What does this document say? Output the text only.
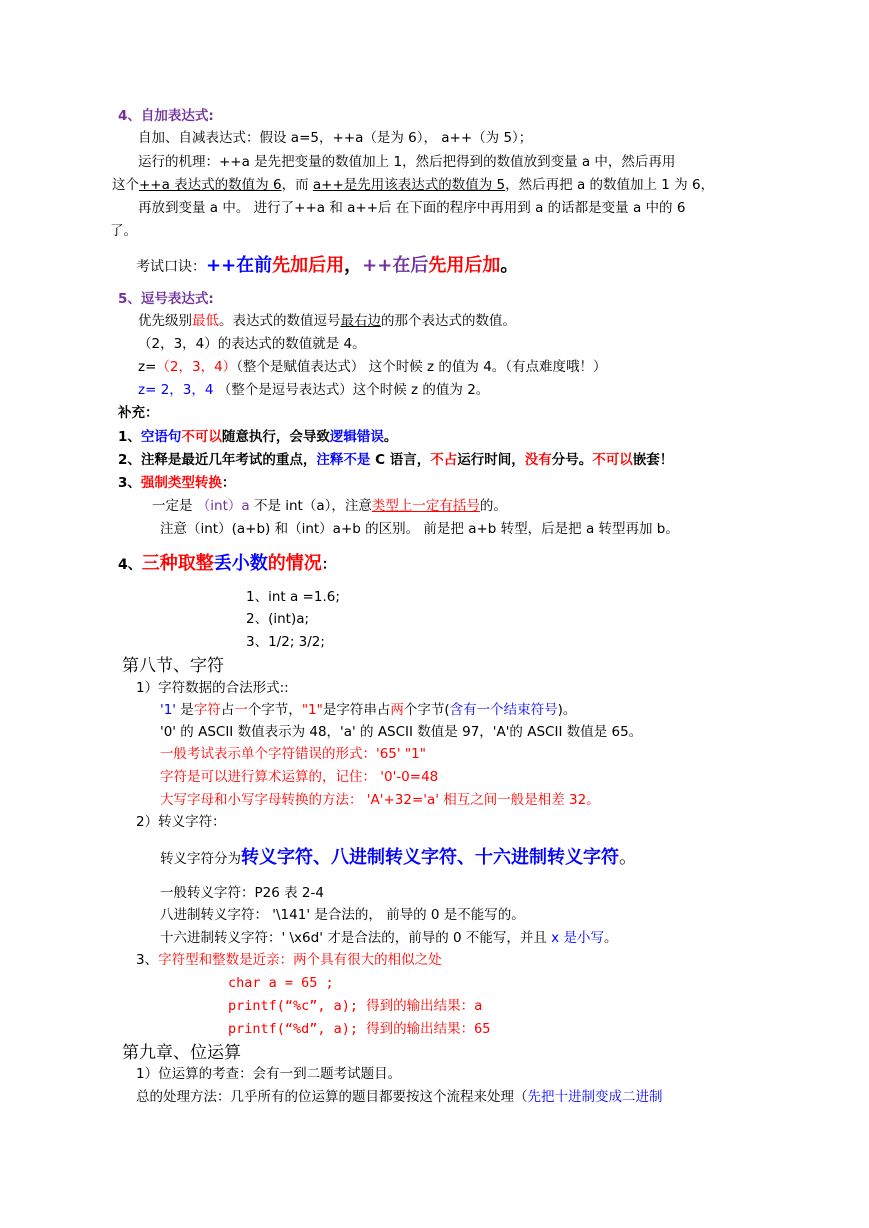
4、自加表达式:
自加、自减表达式：假设 a=5，++a（是为 6）， a++（为 5）；
运行的机理：++a 是先把变量的数值加上 1，然后把得到的数值放到变量 a 中，然后再用
这个++a 表达式的数值为 6，而 a++是先用该表达式的数值为 5，然后再把 a 的数值加上 1 为 6，
再放到变量 a 中。 进行了++a 和 a++后 在下面的程序中再用到 a 的话都是变量 a 中的 6
了。
考试口诀：++在前先加后用，++在后先用后加。
5、逗号表达式:
优先级别最低。表达式的数值逗号最右边的那个表达式的数值。
（2，3，4）的表达式的数值就是 4。
z=（2，3，4）（整个是赋值表达式） 这个时候 z 的值为 4。（有点难度哦！）
z= 2，3，4 （整个是逗号表达式）这个时候 z 的值为 2。
补充：
1、空语句不可以随意执行，会导致逻辑错误。
2、注释是最近几年考试的重点，注释不是 C 语言，不占运行时间，没有分号。不可以嵌套！
3、强制类型转换：
一定是 （int）a 不是 int（a），注意类型上一定有括号的。
注意（int）(a+b) 和（int）a+b 的区别。 前是把 a+b 转型，后是把 a 转型再加 b。
4、三种取整丢小数的情况：
1、int a =1.6;
2、(int)a;
3、1/2; 3/2;
第八节、字符
1）字符数据的合法形式::
'1' 是字符占一个字节，"1"是字符串占两个字节(含有一个结束符号)。
'0' 的 ASCII 数值表示为 48，'a' 的 ASCII 数值是 97，'A'的 ASCII 数值是 65。
一般考试表示单个字符错误的形式：'65' "1"
字符是可以进行算术运算的，记住： '0'-0=48
大写字母和小写字母转换的方法： 'A'+32='a' 相互之间一般是相差 32。
2）转义字符：
转义字符分为转义字符、八进制转义字符、十六进制转义字符。
一般转义字符：P26 表 2-4
八进制转义字符： '\141' 是合法的， 前导的 0 是不能写的。
十六进制转义字符：' \x6d' 才是合法的，前导的 0 不能写，并且 x 是小写。
3、字符型和整数是近亲：两个具有很大的相似之处
char a = 65 ;
printf(“%c”, a); 得到的输出结果：a
printf(“%d”, a); 得到的输出结果：65
第九章、位运算
1）位运算的考查：会有一到二题考试题目。
总的处理方法：几乎所有的位运算的题目都要按这个流程来处理（先把十进制变成二进制
